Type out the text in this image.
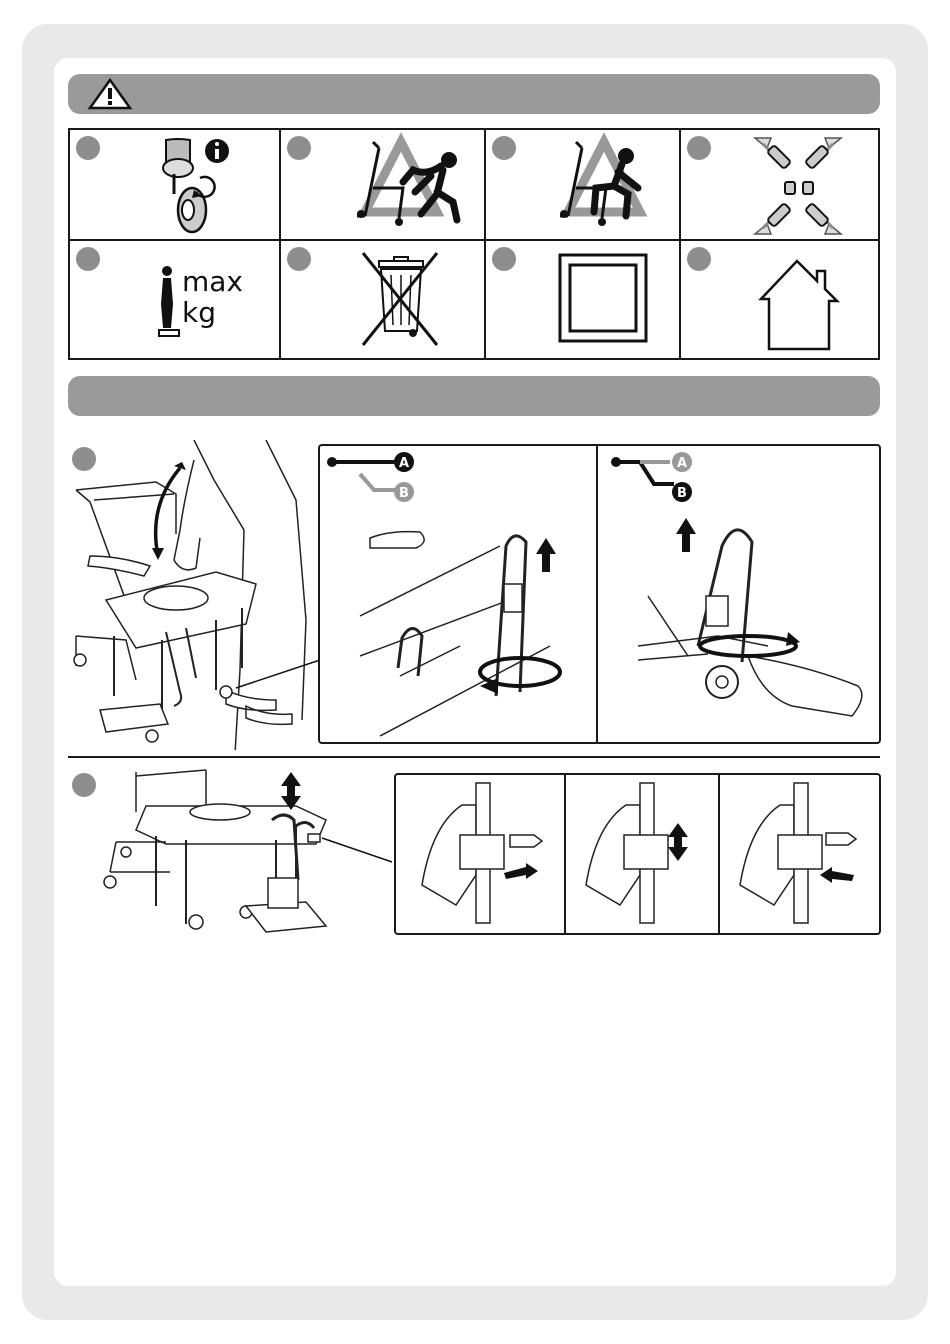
max
kg
A
B
A
B
